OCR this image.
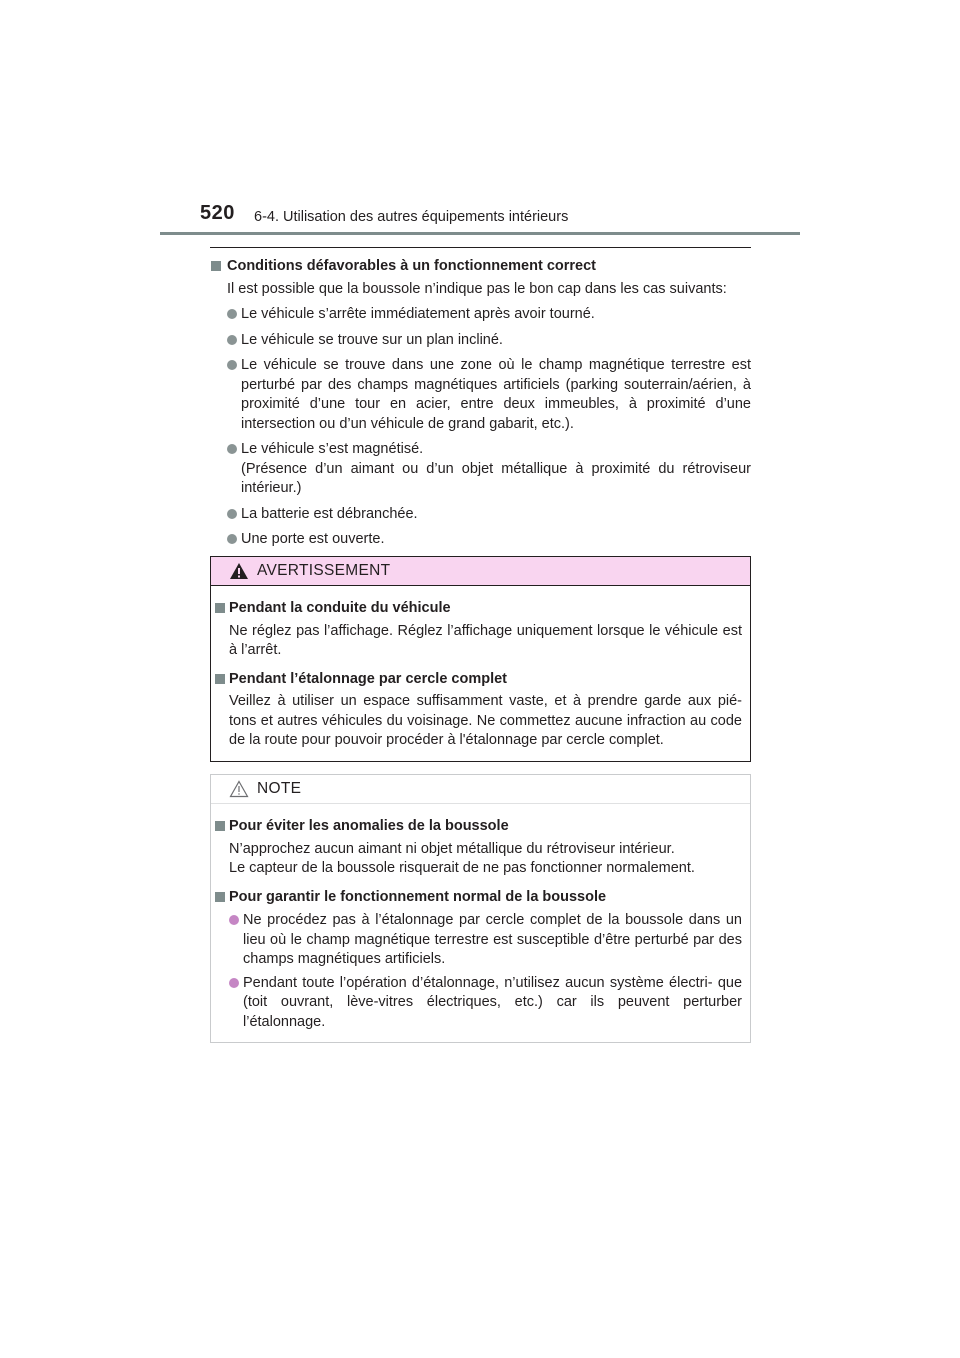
520 6-4. Utilisation des autres équipements intérieurs
Conditions défavorables à un fonctionnement correct
Il est possible que la boussole n’indique pas le bon cap dans les cas suivants:
Le véhicule s’arrête immédiatement après avoir tourné.
Le véhicule se trouve sur un plan incliné.
Le véhicule se trouve dans une zone où le champ magnétique terrestre est perturbé par des champs magnétiques artificiels (parking souterrain/aérien, à proximité d’une tour en acier, entre deux immeubles, à proximité d’une intersection ou d’un véhicule de grand gabarit, etc.).
Le véhicule s’est magnétisé.
(Présence d’un aimant ou d’un objet métallique à proximité du rétroviseur intérieur.)
La batterie est débranchée.
Une porte est ouverte.
AVERTISSEMENT
Pendant la conduite du véhicule
Ne réglez pas l’affichage. Réglez l’affichage uniquement lorsque le véhicule est à l’arrêt.
Pendant l’étalonnage par cercle complet
Veillez à utiliser un espace suffisamment vaste, et à prendre garde aux pié- tons et autres véhicules du voisinage. Ne commettez aucune infraction au code de la route pour pouvoir procéder à l'étalonnage par cercle complet.
NOTE
Pour éviter les anomalies de la boussole
N’approchez aucun aimant ni objet métallique du rétroviseur intérieur.
Le capteur de la boussole risquerait de ne pas fonctionner normalement.
Pour garantir le fonctionnement normal de la boussole
Ne procédez pas à l’étalonnage par cercle complet de la boussole dans un lieu où le champ magnétique terrestre est susceptible d’être perturbé par des champs magnétiques artificiels.
Pendant toute l’opération d’étalonnage, n’utilisez aucun système électri- que (toit ouvrant, lève-vitres électriques, etc.) car ils peuvent perturber l’étalonnage.
